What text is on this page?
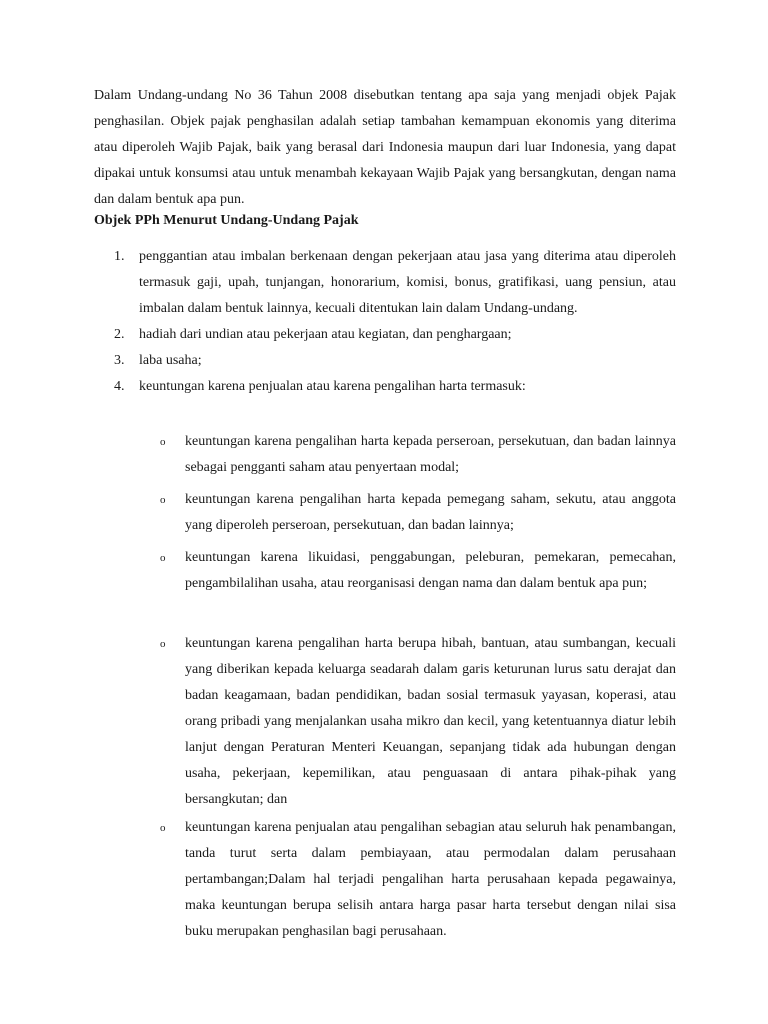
Dalam Undang-undang No 36 Tahun 2008 disebutkan tentang apa saja yang menjadi objek Pajak penghasilan. Objek pajak penghasilan adalah setiap tambahan kemampuan ekonomis yang diterima atau diperoleh Wajib Pajak, baik yang berasal dari Indonesia maupun dari luar Indonesia, yang dapat dipakai untuk konsumsi atau untuk menambah kekayaan Wajib Pajak yang bersangkutan, dengan nama dan dalam bentuk apa pun.

Objek PPh Menurut Undang-Undang Pajak

1. penggantian atau imbalan berkenaan dengan pekerjaan atau jasa yang diterima atau diperoleh termasuk gaji, upah, tunjangan, honorarium, komisi, bonus, gratifikasi, uang pensiun, atau imbalan dalam bentuk lainnya, kecuali ditentukan lain dalam Undang-undang.
2. hadiah dari undian atau pekerjaan atau kegiatan, dan penghargaan;
3. laba usaha;
4. keuntungan karena penjualan atau karena pengalihan harta termasuk:
o keuntungan karena pengalihan harta kepada perseroan, persekutuan, dan badan lainnya sebagai pengganti saham atau penyertaan modal;
o keuntungan karena pengalihan harta kepada pemegang saham, sekutu, atau anggota yang diperoleh perseroan, persekutuan, dan badan lainnya;
o keuntungan karena likuidasi, penggabungan, peleburan, pemekaran, pemecahan, pengambilalihan usaha, atau reorganisasi dengan nama dan dalam bentuk apa pun;
o keuntungan karena pengalihan harta berupa hibah, bantuan, atau sumbangan, kecuali yang diberikan kepada keluarga seadarah dalam garis keturunan lurus satu derajat dan badan keagamaan, badan pendidikan, badan sosial termasuk yayasan, koperasi, atau orang pribadi yang menjalankan usaha mikro dan kecil, yang ketentuannya diatur lebih lanjut dengan Peraturan Menteri Keuangan, sepanjang tidak ada hubungan dengan usaha, pekerjaan, kepemilikan, atau penguasaan di antara pihak-pihak yang bersangkutan; dan
o keuntungan karena penjualan atau pengalihan sebagian atau seluruh hak penambangan, tanda turut serta dalam pembiayaan, atau permodalan dalam perusahaan pertambangan;Dalam hal terjadi pengalihan harta perusahaan kepada pegawainya, maka keuntungan berupa selisih antara harga pasar harta tersebut dengan nilai sisa buku merupakan penghasilan bagi perusahaan.
